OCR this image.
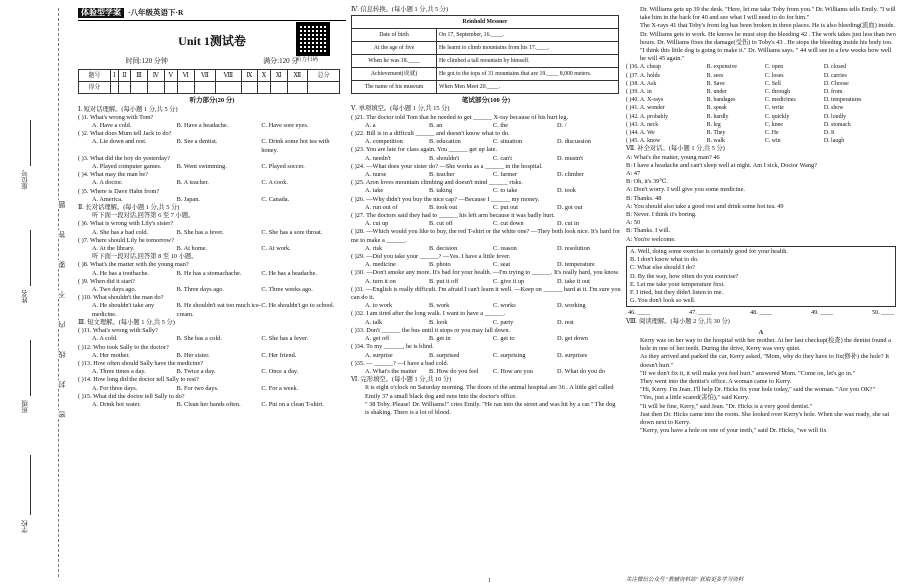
座位号
姓名
班级
学校
题
答
要
不
内
线
封
密
体验型学案 ·八年级英语下·R
听力扫码
Unit 1测试卷
时间:120 分钟	满分:120 分
题号	Ⅰ	Ⅱ	Ⅲ	Ⅳ	Ⅴ	Ⅵ	Ⅶ	Ⅷ	Ⅸ	Ⅹ	Ⅺ	Ⅻ	总分
得分													
听力部分(20 分)
Ⅰ. 短对话理解。(每小题 1 分,共 5 分)
( )1. What's wrong with Tom?
A. Have a cold.	B. Have a headache.	C. Have sore eyes.
( )2. What does Mum tell Jack to do?
A. Lie down and rest.	B. See a dentist.	C. Drink some hot tea with honey.
( )3. What did the boy do yesterday?
A. Played computer games.	B. Went swimming.	C. Played soccer.
( )4. What may the man be?
A. A doctor.	B. A teacher.	C. A cook.
( )5. Where is Dave Hahn from?
A. America.	B. Japan.	C. Canada.
Ⅱ. 长对话理解。(每小题 1 分,共 5 分)
听下面一段对话,回答第 6 至 7 小题。
( )6. What is wrong with Lily's sister?
A. She has a bad cold.	B. She has a fever.	C. She has a sore throat.
( )7. Where should Lily be tomorrow?
A. At the library.	B. At home.	C. At work.
听下面一段对话,回答第 8 至 10 小题。
( )8. What's the matter with the young man?
A. He has a toothache.	B. He has a stomachache.	C. He has a headache.
( )9. When did it start?
A. Two days ago.	B. Three days ago.	C. Three weeks ago.
( )10. What shouldn't the man do?
A. He shouldn't take any medicine.
B. He shouldn't eat too much ice-cream.
C. He shouldn't go to school.
Ⅲ. 短文理解。(每小题 1 分,共 5 分)
( )11. What's wrong with Sally?
A. A cold.	B. She has a cold.	C. She has a fever.
( )12. Who took Sally to the doctor?
A. Her mother.	B. Her sister.	C. Her friend.
( )13. How often should Sally have the medicine?
A. Three times a day.	B. Twice a day.	C. Once a day.
( )14. How long did the doctor tell Sally to rest?
A. For three days.	B. For two days.	C. For a week.
( )15. What did the doctor tell Sally to do?
A. Drink hot water.	B. Clean her hands often.	C. Put on a clean T-shirt.
Ⅳ. 信息转换。(每小题 1 分,共 5 分)
Reinhold Messner	
Date of birth	On 17, September, 16.____.
At the age of five	He learnt to climb mountains from his 17.____.
When he was 18.____	He climbed a tall mountain by himself.
Achievement(成就)	He got to the tops of 31 mountains that are 19.____ 8,000 meters.
The name of his museum	When Men Meet 20.____.
笔试部分(100 分)
Ⅴ. 单项填空。(每小题 1 分,共 15 分)
( )21. The doctor told Tom that he needed to get ______ X-ray because of his hurt leg.
A. a	B. an	C. the	D. /
( )22. Bill is in a difficult ______ and doesn't know what to do.
A. competition	B. education	C. situation	D. discussion
( )23. You are late for class again. You ______ get up late.
A. needn't	B. shouldn't	C. can't	D. mustn't
( )24. —What does your sister do? —She works as a ______ in the hospital.
A. nurse	B. teacher	C. farmer	D. climber
( )25. Aron loves mountain climbing and doesn't mind ______ risks.
A. take	B. taking	C. to take	D. took
( )26. —Why didn't you buy the nice cap? —Because I ______ my money.
A. run out of	B. took out	C. put out	D. got out
( )27. The doctors said they had to ______ his left arm because it was badly hurt.
A. cut up	B. cut off	C. cut down	D. cut in
( )28. —Which would you like to buy, the red T-shirt or the white one? —They both look nice. It's hard for me to make a ______.
A. risk	B. decision	C. reason	D. resolution
( )29. —Did you take your ______? —Yes. I have a little fever.
A. medicine	B. photo	C. seat	D. temperature
( )30. —Don't smoke any more. It's bad for your health. —I'm trying to ______. It's really hard, you know.
A. turn it on	B. put it off	C. give it up	D. take it out
( )31. —English is really difficult. I'm afraid I can't learn it well. —Keep on ______ hard at it. I'm sure you can do it.
A. to work	B. work	C. works	D. working
( )32. I am tired after the long walk. I want to have a ______.
A. talk	B. look	C. party	D. rest
( )33. Don't ______ the bus until it stops or you may fall down.
A. get off	B. get in	C. get to	D. get down
( )34. To my ______, he is blind.
A. surprise	B. surprised	C. surprising	D. surprises
( )35. — ______? —I have a bad cold.
A. What's the matter	B. How do you feel	C. How are you	D. What do you do
Ⅵ. 完形填空。(每小题 1 分,共 10 分)
It is eight o'clock on Saturday morning. The doors of the animal hospital are 36 . A little girl called Emily 37 a small black dog and runs into the doctor's office.
" 38 Toby. Please! Dr. Williams!" cries Emily. "He ran into the street and was hit by a car." The dog is shaking. There is a lot of blood.
Dr. Williams gets up 39 the desk. "Here, let me take Toby from you." Dr. Williams tells Emily. "I will take him in the back for 40 and see what I will need to do for him."
The X-rays 41 that Toby's front leg has been broken in three places. He is also bleeding(流血) inside.
Dr. Williams gets to work. He knows he must stop the bleeding 42 . The work takes just less than two hours. Dr. Williams fixes the damage(受伤) to Toby's 43 . He stops the bleeding inside his body too.
"I think this little dog is going to make it." Dr. Williams says. " 44 will see in a few weeks how well he will 45 again."
( )36. A. cheap	B. expensive	C. open	D. closed
( )37. A. holds	B. sees	C. loses	D. carries
( )38. A. Ask	B. Save	C. Sell	D. Choose
( )39. A. in	B. under	C. through	D. from
( )40. A. X-rays	B. bandages	C. medicines	D. temperatures
( )41. A. wonder	B. speak	C. write	D. show
( )42. A. probably	B. hardly	C. quickly	D. loudly
( )43. A. neck	B. leg	C. knee	D. stomach
( )44. A. We	B. They	C. He	D. It
( )45. A. know	B. walk	C. win	D. laugh
Ⅶ. 补全对话。(每小题 1 分,共 5 分)
A: What's the matter, young man? 46
B: I have a headache and can't sleep well at night. Am I sick, Doctor Wang?
A: 47
B: Oh, it's 39℃.
A: Don't worry. I will give you some medicine.
B: Thanks. 48
A: You should also take a good rest and drink some hot tea. 49
B: Never. I think it's boring.
A: 50
B: Thanks. I will.
A: You're welcome.
A. Well, doing some exercise is certainly good for your health.
B. I don't know what to do.
C. What else should I do?
D. By the way, how often do you exercise?
E. Let me take your temperature first.
F. I tried, but they didn't listen to me.
G. You don't look so well.
46. ____	47. ____	48. ____	49. ____	50. ____
Ⅷ. 阅读理解。(每小题 2 分,共 30 分)
A
Kerry was on her way to the hospital with her mother. At her last checkup(检查) the dentist found a hole in one of her teeth. During the drive, Kerry was very quiet.
As they arrived and parked the car, Kerry asked, "Mom, why do they have to fix(修补) the hole? It doesn't hurt."
"If we don't fix it, it will make you feel hurt." answered Mom. "Come on, let's go in."
They went into the dentist's office. A woman came to Kerry.
"Hi, Kerry. I'm Jean. I'll help Dr. Hicks fix your hole today," said the woman. "Are you OK?"
"Yes, just a little scared(害怕)," said Kerry.
"It will be fine, Kerry," said Jean. "Dr. Hicks is a very good dentist."
Just then Dr. Hicks came into the room. She looked over Kerry's hole. When she was ready, she sat down next to Kerry.
"Kerry, you have a hole on one of your teeth," said Dr. Hicks, "we will fix
1	关注微信公众号 "教辅资料站" 获取更多学习资料
